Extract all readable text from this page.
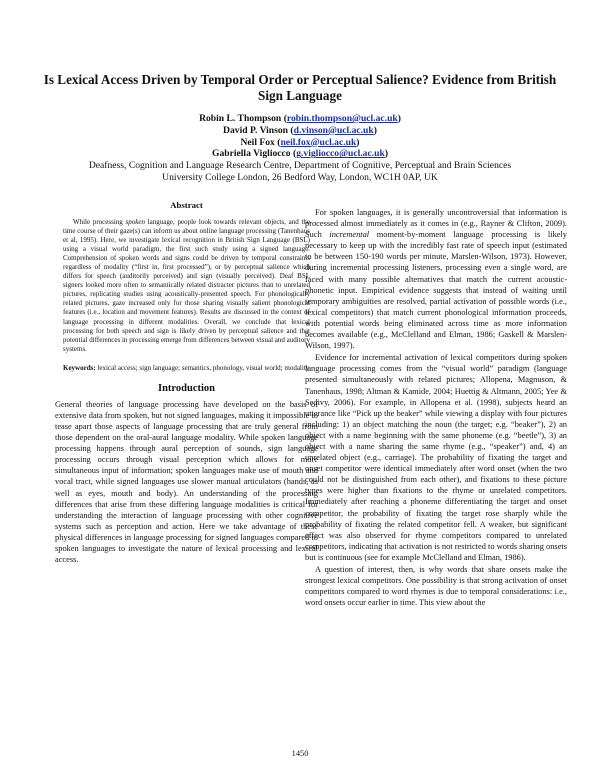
Is Lexical Access Driven by Temporal Order or Perceptual Salience? Evidence from British Sign Language
Robin L. Thompson (robin.thompson@ucl.ac.uk)
David P. Vinson (d.vinson@ucl.ac.uk)
Neil Fox (neil.fox@ucl.ac.uk)
Gabriella Vigliocco (g.vigliocco@ucl.ac.uk)
Deafness, Cognition and Language Research Centre, Department of Cognitive, Perceptual and Brain Sciences
University College London, 26 Bedford Way, London, WC1H 0AP, UK
Abstract

While processing spoken language, people look towards relevant objects, and the time course of their gaze(s) can inform us about online language processing (Tanenhaus et al, 1995). Here, we investigate lexical recognition in British Sign Language (BSL) using a visual world paradigm, the first such study using a signed language. Comprehension of spoken words and signs could be driven by temporal constraints regardless of modality (“first in, first processed”), or by perceptual salience which differs for speech (auditorily perceived) and sign (visually perceived). Deaf BSL signers looked more often to semantically related distracter pictures than to unrelated pictures, replicating studies using acoustically-presented speech. For phonologically related pictures, gaze increased only for those sharing visually salient phonological features (i.e., location and movement features). Results are discussed in the context of language processing in different modalities. Overall, we conclude that lexical processing for both speech and sign is likely driven by perceptual salience and that potential differences in processing emerge from differences between visual and auditory systems.

Keywords: lexical access; sign language; semantics, phonology, visual world; modality

Introduction

General theories of language processing have developed on the basis of extensive data from spoken, but not signed languages, making it impossible to tease apart those aspects of language processing that are truly general from those dependent on the oral-aural language modality. While spoken language processing happens through aural perception of sounds, sign language processing occurs through visual perception which allows for more simultaneous input of information; spoken languages make use of mouth and vocal tract, while signed languages use slower manual articulators (hands, as well as eyes, mouth and body). An understanding of the processing differences that arise from these differing language modalities is critical for understanding the interaction of language processing with other cognitive systems such as perception and action. Here we take advantage of these physical differences in language processing for signed languages compared to spoken languages to investigate the nature of lexical processing and lexical access.

For spoken languages, it is generally uncontroversial that information is processed almost immediately as it comes in (e.g., Rayner & Clifton, 2009). Such incremental moment-by-moment language processing is likely necessary to keep up with the incredibly fast rate of speech input (estimated to be between 150-190 words per minute, Marslen-Wilson, 1973). However, during incremental processing listeners, processing even a single word, are faced with many possible alternatives that match the current acoustic-phonetic input. Empirical evidence suggests that instead of waiting until temporary ambiguities are resolved, partial activation of possible words (i.e., lexical competitors) that match current phonological information proceeds, with potential words being eliminated across time as more information becomes available (e.g., McClelland and Elman, 1986; Gaskell & Marslen-Wilson, 1997).

Evidence for incremental activation of lexical competitors during spoken language processing comes from the “visual world” paradigm (language presented simultaneously with related pictures; Allopena, Magnuson, & Tanenhaus, 1998; Altman & Kamide, 2004; Huettig & Altmann, 2005; Yee & Sedivy, 2006). For example, in Allopena et al. (1998), subjects heard an utterance like “Pick up the beaker” while viewing a display with four pictures including: 1) an object matching the noun (the target; e.g. “beaker”), 2) an object with a name beginning with the same phoneme (e.g. “beetle”), 3) an object with a name sharing the same rhyme (e.g., “speaker”) and, 4) an unrelated object (e.g., carriage). The probability of fixating the target and onset competitor were identical immediately after word onset (when the two could not be distinguished from each other), and fixations to these picture types were higher than fixations to the rhyme or unrelated competitors. Immediately after reaching a phoneme differentiating the target and onset competitor, the probability of fixating the target rose sharply while the probability of fixating the related competitor fell. A weaker, but significant effect was also observed for rhyme competitors compared to unrelated competitors, indicating that activation is not restricted to words sharing onsets but is continuous (see for example McClelland and Elman, 1986).

A question of interest, then, is why words that share onsets make the strongest lexical competitors. One possibility is that strong activation of onset competitors compared to word rhymes is due to temporal considerations: i.e., word onsets occur earlier in time. This view about the

1450
